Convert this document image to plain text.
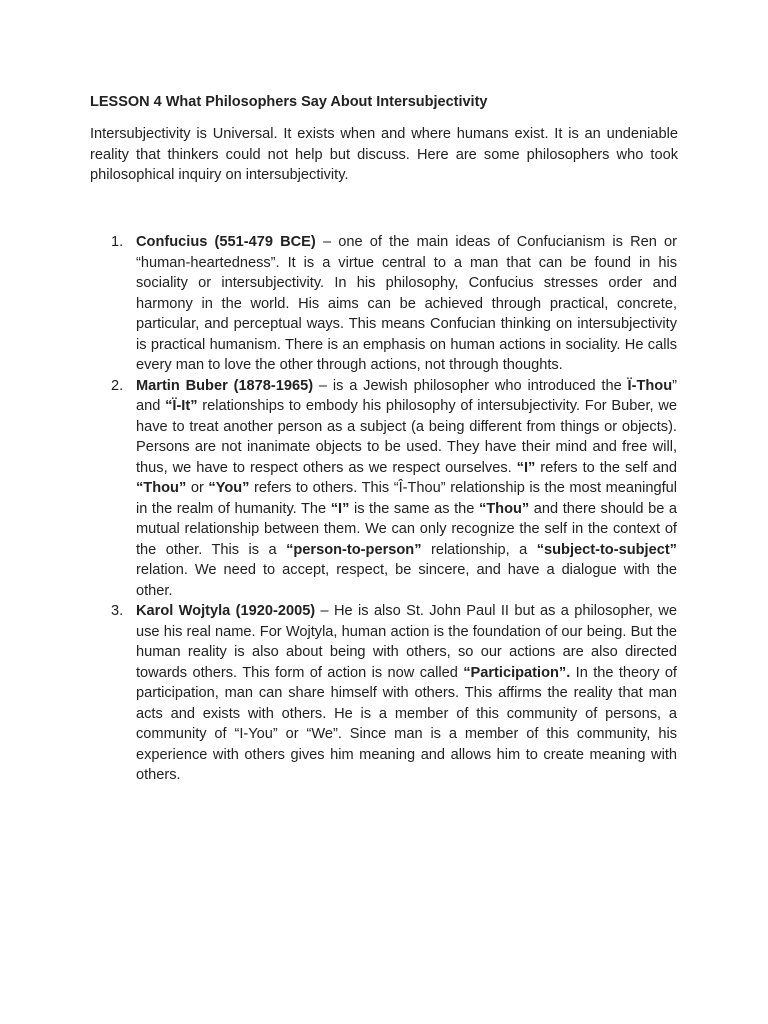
LESSON 4 What Philosophers Say About Intersubjectivity

Intersubjectivity is Universal. It exists when and where humans exist. It is an undeniable reality that thinkers could not help but discuss. Here are some philosophers who took philosophical inquiry on intersubjectivity.

1. Confucius (551-479 BCE) – one of the main ideas of Confucianism is Ren or “human-heartedness”. It is a virtue central to a man that can be found in his sociality or intersubjectivity. In his philosophy, Confucius stresses order and harmony in the world. His aims can be achieved through practical, concrete, particular, and perceptual ways. This means Confucian thinking on intersubjectivity is practical humanism. There is an emphasis on human actions in sociality. He calls every man to love the other through actions, not through thoughts.
2. Martin Buber (1878-1965) – is a Jewish philosopher who introduced the Ï-Thou” and “Ï-It” relationships to embody his philosophy of intersubjectivity. For Buber, we have to treat another person as a subject (a being different from things or objects). Persons are not inanimate objects to be used. They have their mind and free will, thus, we have to respect others as we respect ourselves. “I” refers to the self and “Thou” or “You” refers to others. This “Î-Thou” relationship is the most meaningful in the realm of humanity. The “I” is the same as the “Thou” and there should be a mutual relationship between them. We can only recognize the self in the context of the other. This is a “person-to-person” relationship, a “subject-to-subject” relation. We need to accept, respect, be sincere, and have a dialogue with the other.
3. Karol Wojtyla (1920-2005) – He is also St. John Paul II but as a philosopher, we use his real name. For Wojtyla, human action is the foundation of our being. But the human reality is also about being with others, so our actions are also directed towards others. This form of action is now called “Participation”. In the theory of participation, man can share himself with others. This affirms the reality that man acts and exists with others. He is a member of this community of persons, a community of “I-You” or “We”. Since man is a member of this community, his experience with others gives him meaning and allows him to create meaning with others.
